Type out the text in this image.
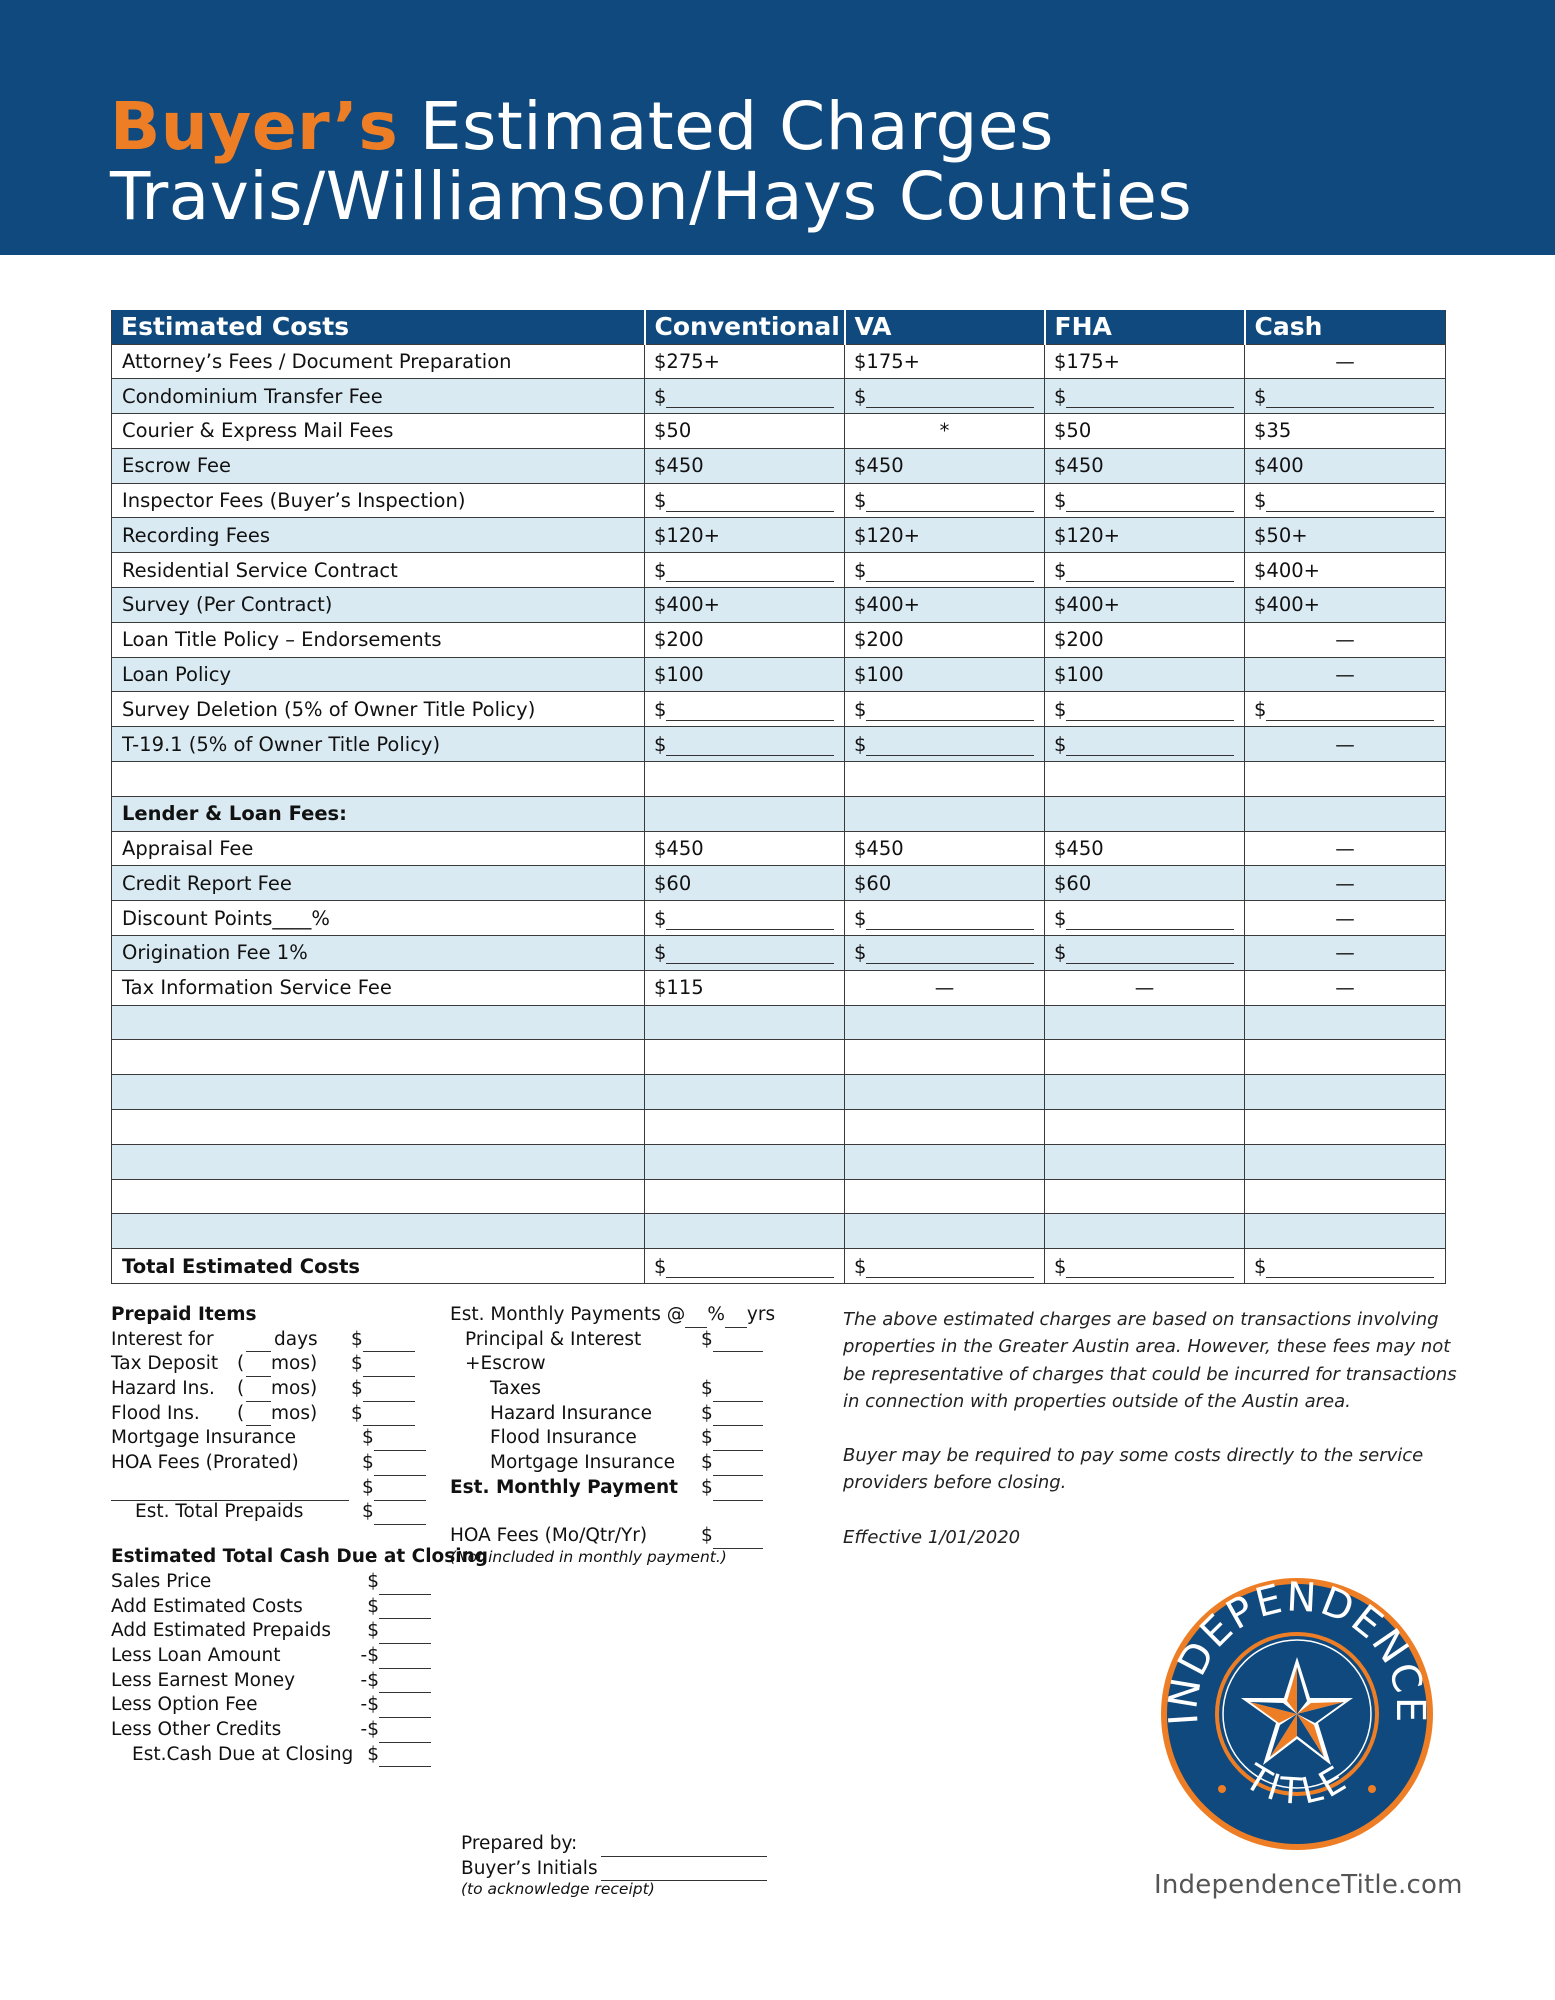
Buyer’s Estimated Charges
Travis/Williamson/Hays Counties
Estimated Costs	Conventional	VA	FHA	Cash
Attorney’s Fees / Document Preparation	$275+	$175+	$175+	—
Condominium Transfer Fee	$	$	$	$

Courier & Express Mail Fees	$50	*	$50	$35
Escrow Fee	$450	$450	$450	$400
Inspector Fees (Buyer’s Inspection)	$	$	$	$

Recording Fees	$120+	$120+	$120+	$50+
Residential Service Contract	$	$	$	$400+
Survey (Per Contract)	$400+	$400+	$400+	$400+
Loan Title Policy – Endorsements	$200	$200	$200	—
Loan Policy	$100	$100	$100	—
Survey Deletion (5% of Owner Title Policy)	$	$	$	$

T-19.1 (5% of Owner Title Policy)	$	$	$	—

Lender & Loan Fees:				
Appraisal Fee	$450	$450	$450	—
Credit Report Fee	$60	$60	$60	—
Discount Points____%	$	$	$	—
Origination Fee 1%	$	$	$	—
Tax Information Service Fee	$115	—	—	—

Total Estimated Costs	$	$	$	$
Prepaid Items
Interest for	days	$
Tax Deposit	( mos)	$
Hazard Ins.	( mos)	$
Flood Ins.	( mos)	$
Mortgage Insurance	$
HOA Fees (Prorated)	$
$
Est. Total Prepaids	$
Estimated Total Cash Due at Closing
Sales Price	$
Add Estimated Costs	$
Add Estimated Prepaids	$
Less Loan Amount	-$
Less Earnest Money	-$
Less Option Fee	-$
Less Other Credits	-$
Est.Cash Due at Closing $
Est. Monthly Payments @ % yrs
Principal & Interest	$
+Escrow
Taxes	$
Hazard Insurance	$
Flood Insurance	$
Mortgage Insurance	$
Est. Monthly Payment	$
HOA Fees (Mo/Qtr/Yr)	$
(Not included in monthly payment.)

The above estimated charges are based on transactions involving properties in the Greater Austin area. However, these fees may not be representative of charges that could be incurred for transactions in connection with properties outside of the Austin area.

Buyer may be required to pay some costs directly to the service providers before closing.

Effective 1/01/2020

Prepared by:
Buyer’s Initials
(to acknowledge receipt)
INDEPENDENCE
TITLE
IndependenceTitle.com
